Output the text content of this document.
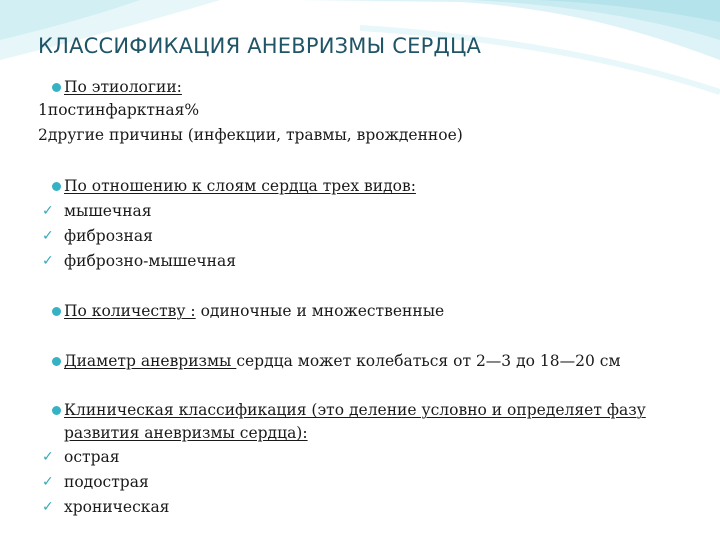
КЛАССИФИКАЦИЯ АНЕВРИЗМЫ СЕРДЦА
По этиологии:
1постинфарктная%
2другие причины (инфекции, травмы, врожденное)
По отношению к слоям сердца трех видов:
✓ мышечная
✓ фиброзная
✓ фиброзно-мышечная
По количеству : одиночные и множественные
Диаметр аневризмы сердца может колебаться от 2—3 до 18—20 см
Клиническая классификация (это деление условно и определяет фазу
развития аневризмы сердца):
✓ острая
✓ подострая
✓ хроническая
